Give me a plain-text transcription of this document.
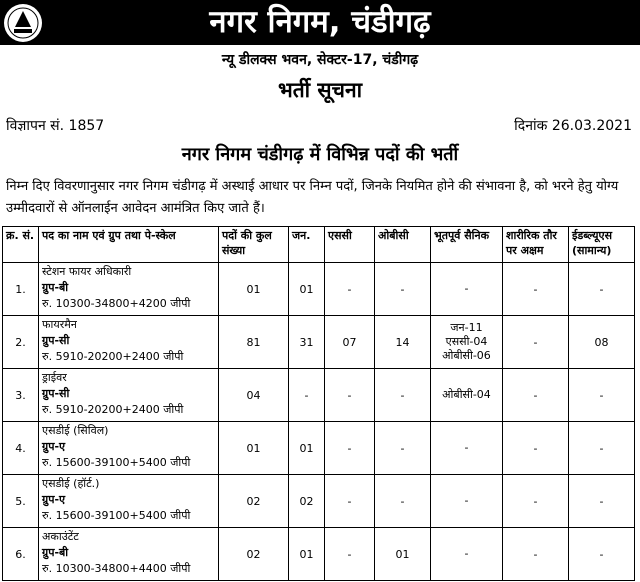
नगर निगम, चंडीगढ़
न्यू डीलक्स भवन, सेक्टर-17, चंडीगढ़
भर्ती सूचना
विज्ञापन सं. 1857	दिनांक 26.03.2021
नगर निगम चंडीगढ़ में विभिन्न पदों की भर्ती
निम्न दिए विवरणानुसार नगर निगम चंडीगढ़ में अस्थाई आधार पर निम्न पदों, जिनके नियमित होने की संभावना है, को भरने हेतु योग्य उम्मीदवारों से ऑनलाईन आवेदन आमंत्रित किए जाते हैं।
क्र. सं.	पद का नाम एवं ग्रुप तथा पे-स्केल	पदों की कुल संख्या	जन.	एससी	ओबीसी	भूतपूर्व सैनिक	शारीरिक तौर पर अक्षम	ईडब्ल्यूएस (सामान्य)
1.	स्टेशन फायर अधिकारी
ग्रुप-बी
रु. 10300-34800+4200 जीपी	01	01	-	-	-	-	-
2.	फायरमैन
ग्रुप-सी
रु. 5910-20200+2400 जीपी	81	31	07	14	जन-11
एससी-04
ओबीसी-06	-	08
3.	ड्राईवर
ग्रुप-सी
रु. 5910-20200+2400 जीपी	04	-	-	-	ओबीसी-04	-	-
4.	एसडीई (सिविल)
ग्रुप-ए
रु. 15600-39100+5400 जीपी	01	01	-	-	-	-	-
5.	एसडीई (हॉर्ट.)
ग्रुप-ए
रु. 15600-39100+5400 जीपी	02	02	-	-	-	-	-
6.	अकाउंटेंट
ग्रुप-बी
रु. 10300-34800+4400 जीपी	02	01	-	01	-	-	-
